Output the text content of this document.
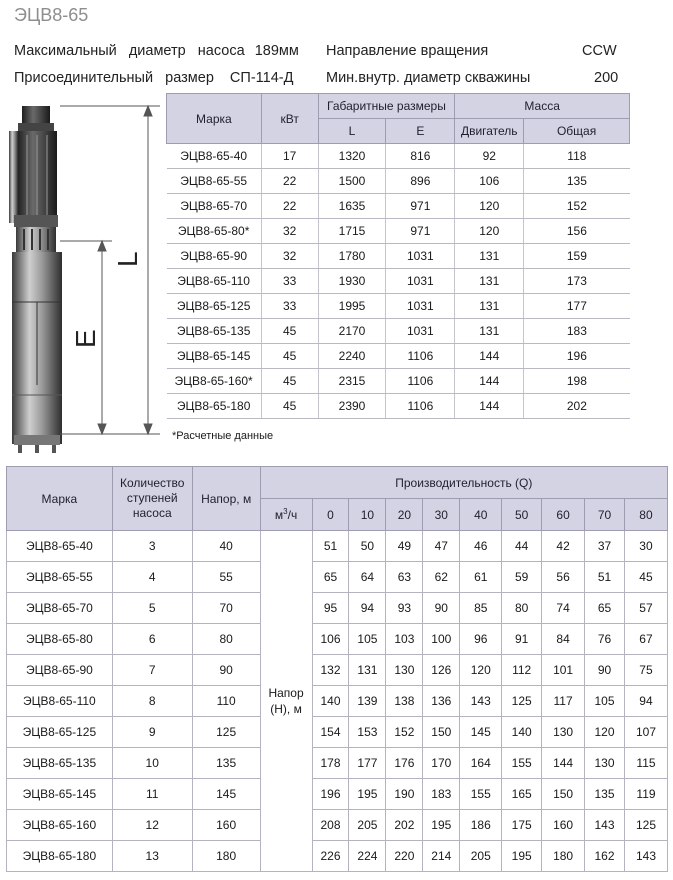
ЭЦВ8-65
Максимальный   диаметр   насоса 189мм
Присоединительный   размер СП-114-Д
Направление вращения	CCW
Мин.внутр. диаметр скважины	200
L
E
Марка	кВт	Габаритные размеры		Масса	
		L	E	Двигатель	Общая
ЭЦВ8-65-40	17	1320	816	92	118
ЭЦВ8-65-55	22	1500	896	106	135
ЭЦВ8-65-70	22	1635	971	120	152
ЭЦВ8-65-80*	32	1715	971	120	156
ЭЦВ8-65-90	32	1780	1031	131	159
ЭЦВ8-65-110	33	1930	1031	131	173
ЭЦВ8-65-125	33	1995	1031	131	177
ЭЦВ8-65-135	45	2170	1031	131	183
ЭЦВ8-65-145	45	2240	1106	144	196
ЭЦВ8-65-160*	45	2315	1106	144	198
ЭЦВ8-65-180	45	2390	1106	144	202
*Расчетные данные
Марка	Количество ступеней насоса	Напор, м	Производительность (Q)									
			$м^3/ч$	0	10	20	30	40	50	60	70	80
ЭЦВ8-65-40	3	40	Напор (Н), м	51	50	49	47	46	44	42	37	30
ЭЦВ8-65-55	4	55		65	64	63	62	61	59	56	51	45
ЭЦВ8-65-70	5	70		95	94	93	90	85	80	74	65	57
ЭЦВ8-65-80	6	80		106	105	103	100	96	91	84	76	67
ЭЦВ8-65-90	7	90		132	131	130	126	120	112	101	90	75
ЭЦВ8-65-110	8	110		140	139	138	136	143	125	117	105	94
ЭЦВ8-65-125	9	125		154	153	152	150	145	140	130	120	107
ЭЦВ8-65-135	10	135		178	177	176	170	164	155	144	130	115
ЭЦВ8-65-145	11	145		196	195	190	183	155	165	150	135	119
ЭЦВ8-65-160	12	160		208	205	202	195	186	175	160	143	125
ЭЦВ8-65-180	13	180		226	224	220	214	205	195	180	162	143
